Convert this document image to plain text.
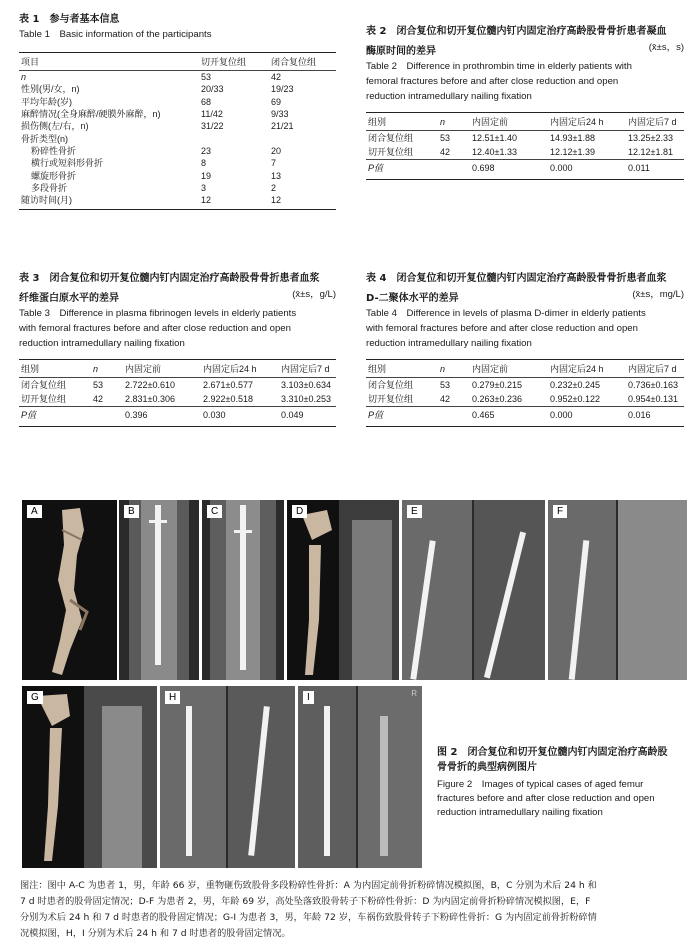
表 1　参与者基本信息
Table 1　Basic information of the participants
项目	切开复位组	闭合复位组
n	53	42
性别(男/女，n)	20/33	19/23
平均年龄(岁)	68	69
麻醉情况(全身麻醉/硬膜外麻醉，n)	11/42	9/33
损伤侧(左/右，n)	31/22	21/21
骨折类型(n)		
粉碎性骨折	23	20
横行或短斜形骨折	8	7
螺旋形骨折	19	13
多段骨折	3	2
随访时间(月)	12	12
表 2　闭合复位和切开复位髓内钉内固定治疗高龄股骨骨折患者凝血
酶原时间的差异	(x̄±s，s)
Table 2　Difference in prothrombin time in elderly patients with
femoral fractures before and after close reduction and open
reduction intramedullary nailing fixation
组别	n	内固定前	内固定后24 h	内固定后7 d
闭合复位组	53	12.51±1.40	14.93±1.88	13.25±2.33
切开复位组	42	12.40±1.33	12.12±1.39	12.12±1.81
P值		0.698	0.000	0.011
表 3　闭合复位和切开复位髓内钉内固定治疗高龄股骨骨折患者血浆
纤维蛋白原水平的差异	(x̄±s，g/L)
Table 3　Difference in plasma fibrinogen levels in elderly patients
with femoral fractures before and after close reduction and open
reduction intramedullary nailing fixation
组别	n	内固定前	内固定后24 h	内固定后7 d
闭合复位组	53	2.722±0.610	2.671±0.577	3.103±0.634
切开复位组	42	2.831±0.306	2.922±0.518	3.310±0.253
P值		0.396	0.030	0.049
表 4　闭合复位和切开复位髓内钉内固定治疗高龄股骨骨折患者血浆
D-二聚体水平的差异	(x̄±s，mg/L)
Table 4　Difference in levels of plasma D-dimer in elderly patients
with femoral fractures before and after close reduction and open
reduction intramedullary nailing fixation
组别	n	内固定前	内固定后24 h	内固定后7 d
闭合复位组	53	0.279±0.215	0.232±0.245	0.736±0.163
切开复位组	42	0.263±0.236	0.952±0.122	0.954±0.131
P值		0.465	0.000	0.016
A	B	C	D	E	F
G	H	I	R
图 2　闭合复位和切开复位髓内钉内固定治疗高龄股
骨骨折的典型病例图片
Figure 2　Images of typical cases of aged femur
fractures before and after close reduction and open
reduction intramedullary nailing fixation
图注：图中 A-C 为患者 1，男，年龄 66 岁，重物砸伤致股骨多段粉碎性骨折：A 为内固定前骨折粉碎情况模拟图，B，C 分别为术后 24 h 和
7 d 时患者的股骨固定情况；D-F 为患者 2，男，年龄 69 岁，高处坠落致股骨转子下粉碎性骨折：D 为内固定前骨折粉碎情况模拟图，E，F
分别为术后 24 h 和 7 d 时患者的股骨固定情况；G-I 为患者 3，男，年龄 72 岁，车祸伤致股骨转子下粉碎性骨折：G 为内固定前骨折粉碎情
况模拟图，H，I 分别为术后 24 h 和 7 d 时患者的股骨固定情况。
